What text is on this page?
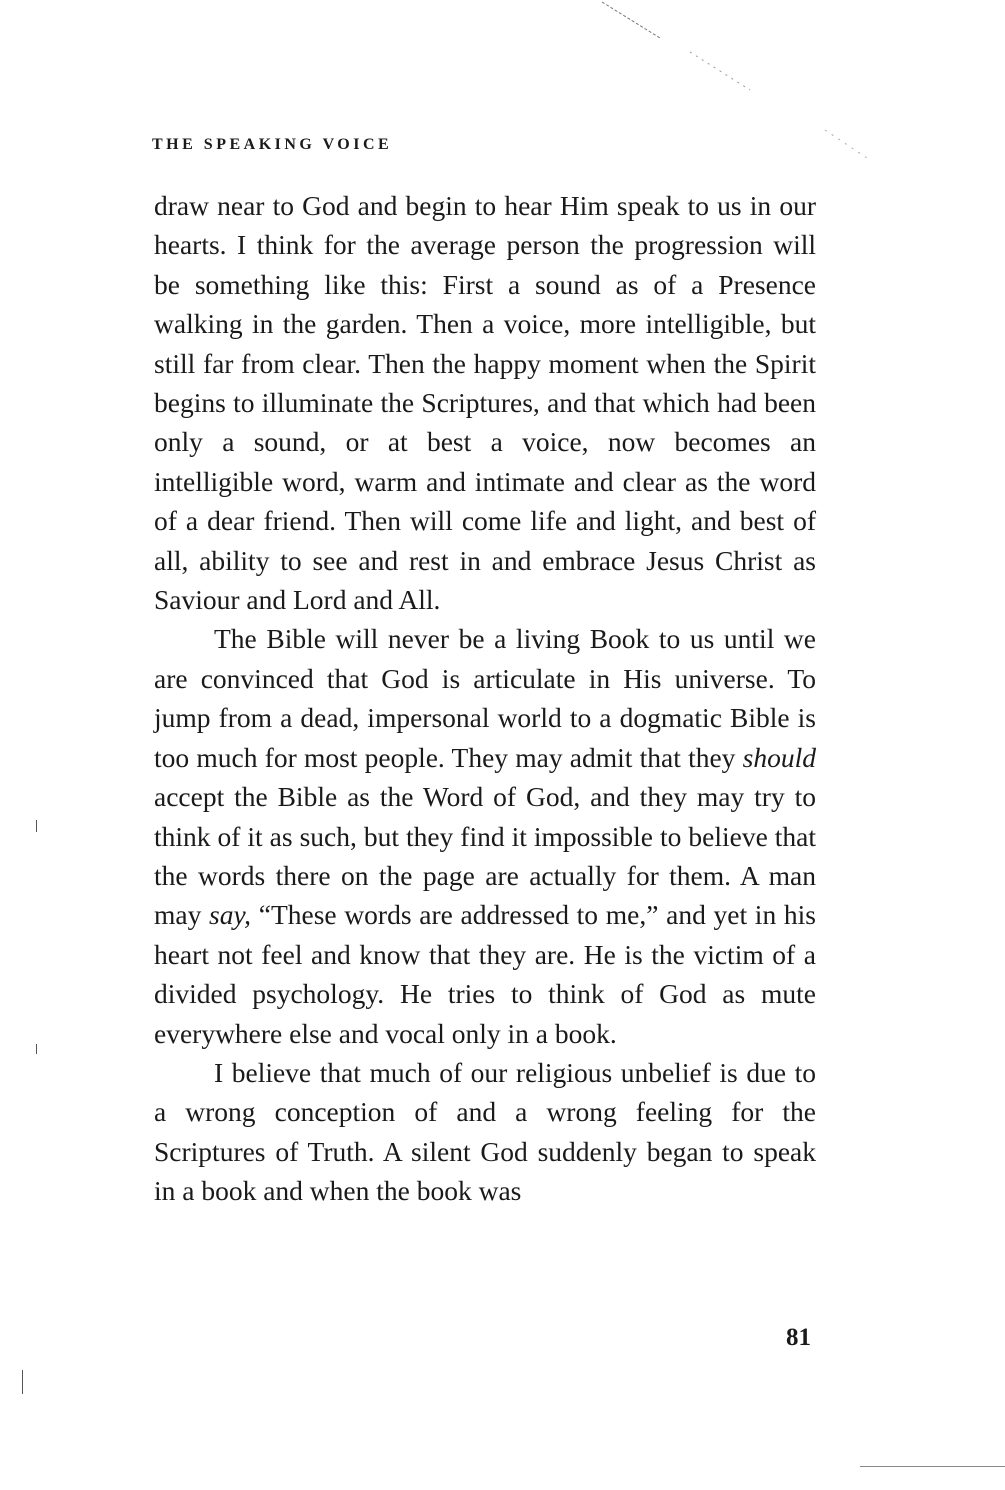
THE SPEAKING VOICE

draw near to God and begin to hear Him speak to us in our hearts. I think for the average person the progression will be something like this: First a sound as of a Presence walking in the garden. Then a voice, more intelligible, but still far from clear. Then the happy moment when the Spirit begins to illuminate the Scriptures, and that which had been only a sound, or at best a voice, now becomes an intelligible word, warm and intimate and clear as the word of a dear friend. Then will come life and light, and best of all, ability to see and rest in and embrace Jesus Christ as Saviour and Lord and All.

The Bible will never be a living Book to us until we are convinced that God is articulate in His universe. To jump from a dead, impersonal world to a dogmatic Bible is too much for most people. They may admit that they should accept the Bible as the Word of God, and they may try to think of it as such, but they find it impossible to believe that the words there on the page are actually for them. A man may say, “These words are addressed to me,” and yet in his heart not feel and know that they are. He is the victim of a divided psychology. He tries to think of God as mute everywhere else and vocal only in a book.

I believe that much of our religious unbelief is due to a wrong conception of and a wrong feeling for the Scriptures of Truth. A silent God suddenly began to speak in a book and when the book was

81
